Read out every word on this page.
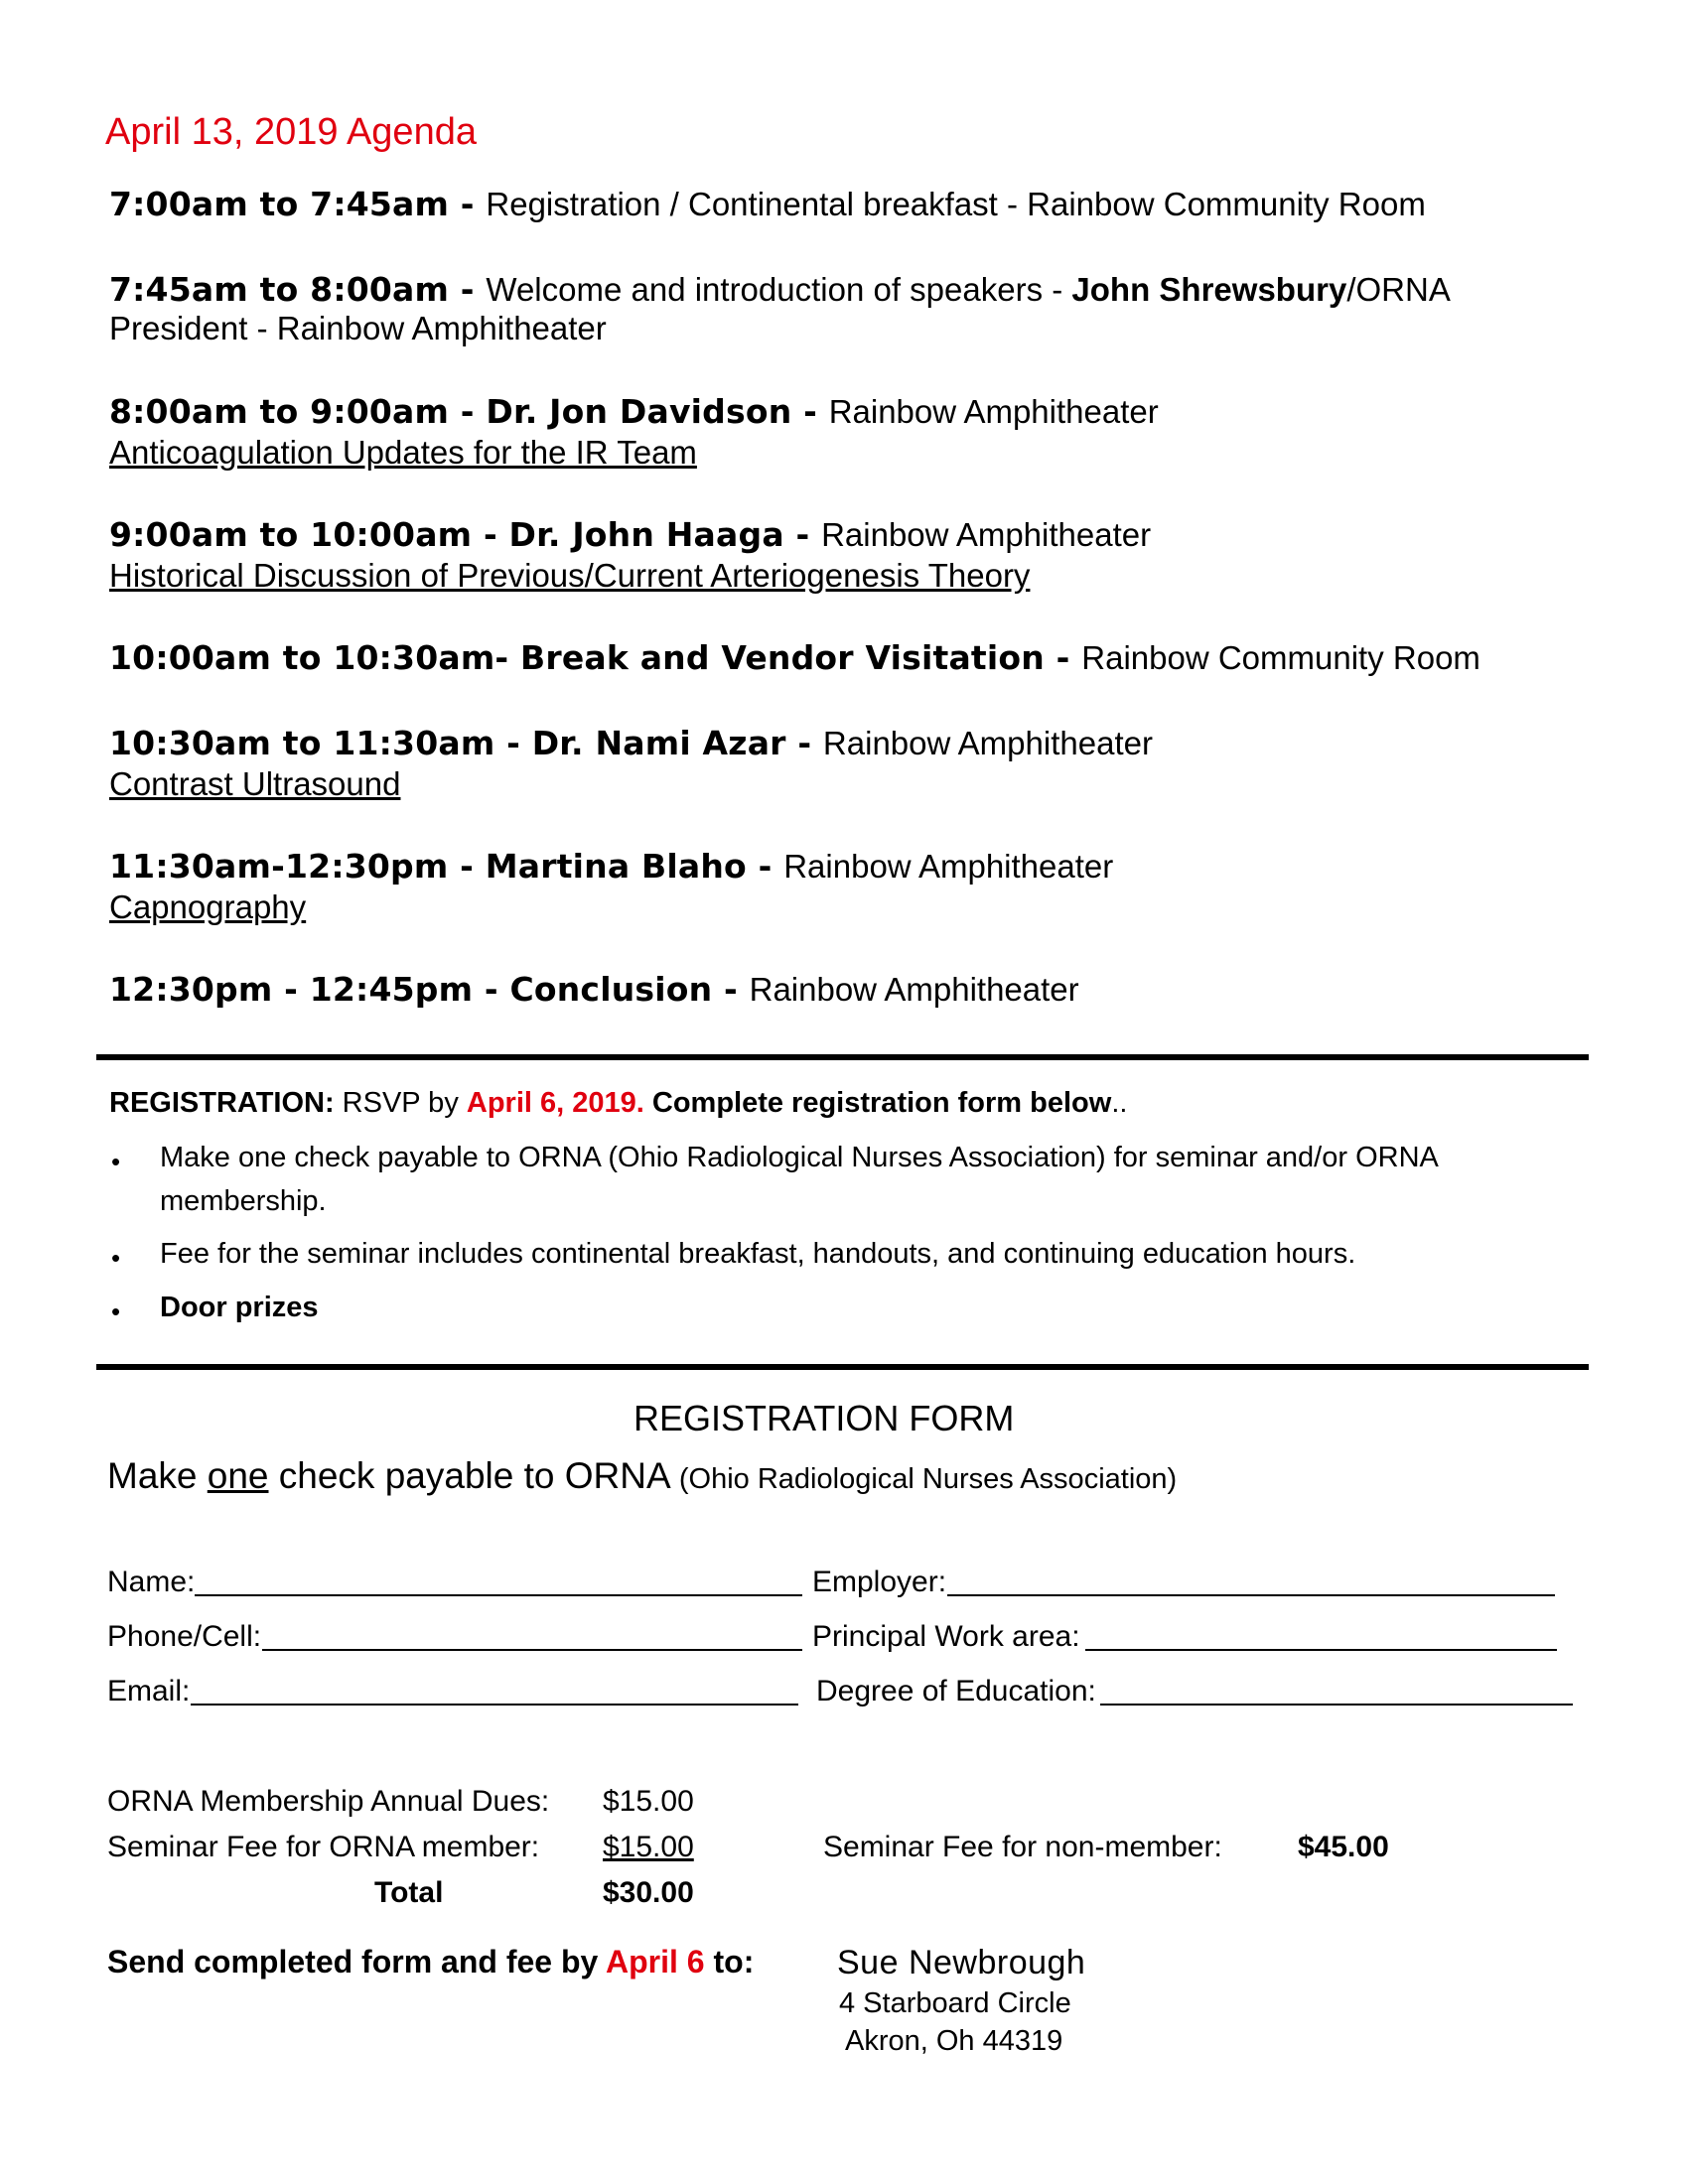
April 13, 2019 Agenda
7:00am to 7:45am - Registration / Continental breakfast - Rainbow Community Room
7:45am to 8:00am - Welcome and introduction of speakers - John Shrewsbury/ORNA
President - Rainbow Amphitheater
8:00am to 9:00am - Dr. Jon Davidson - Rainbow Amphitheater
Anticoagulation Updates for the IR Team
9:00am to 10:00am - Dr. John Haaga - Rainbow Amphitheater
Historical Discussion of Previous/Current Arteriogenesis Theory
10:00am to 10:30am- Break and Vendor Visitation - Rainbow Community Room
10:30am to 11:30am - Dr. Nami Azar - Rainbow Amphitheater
Contrast Ultrasound
11:30am-12:30pm - Martina Blaho - Rainbow Amphitheater
Capnography
12:30pm - 12:45pm - Conclusion - Rainbow Amphitheater
REGISTRATION: RSVP by April 6, 2019. Complete registration form below..
• Make one check payable to ORNA (Ohio Radiological Nurses Association) for seminar and/or ORNA
membership.
• Fee for the seminar includes continental breakfast, handouts, and continuing education hours.
• Door prizes
REGISTRATION FORM
Make one check payable to ORNA (Ohio Radiological Nurses Association)
Name:	Employer:
Phone/Cell:	Principal Work area:
Email:	Degree of Education:
ORNA Membership Annual Dues: $15.00
Seminar Fee for ORNA member: $15.00	Seminar Fee for non-member:	$45.00
Total	$30.00
Send completed form and fee by April 6 to: Sue Newbrough
4 Starboard Circle
Akron, Oh 44319
